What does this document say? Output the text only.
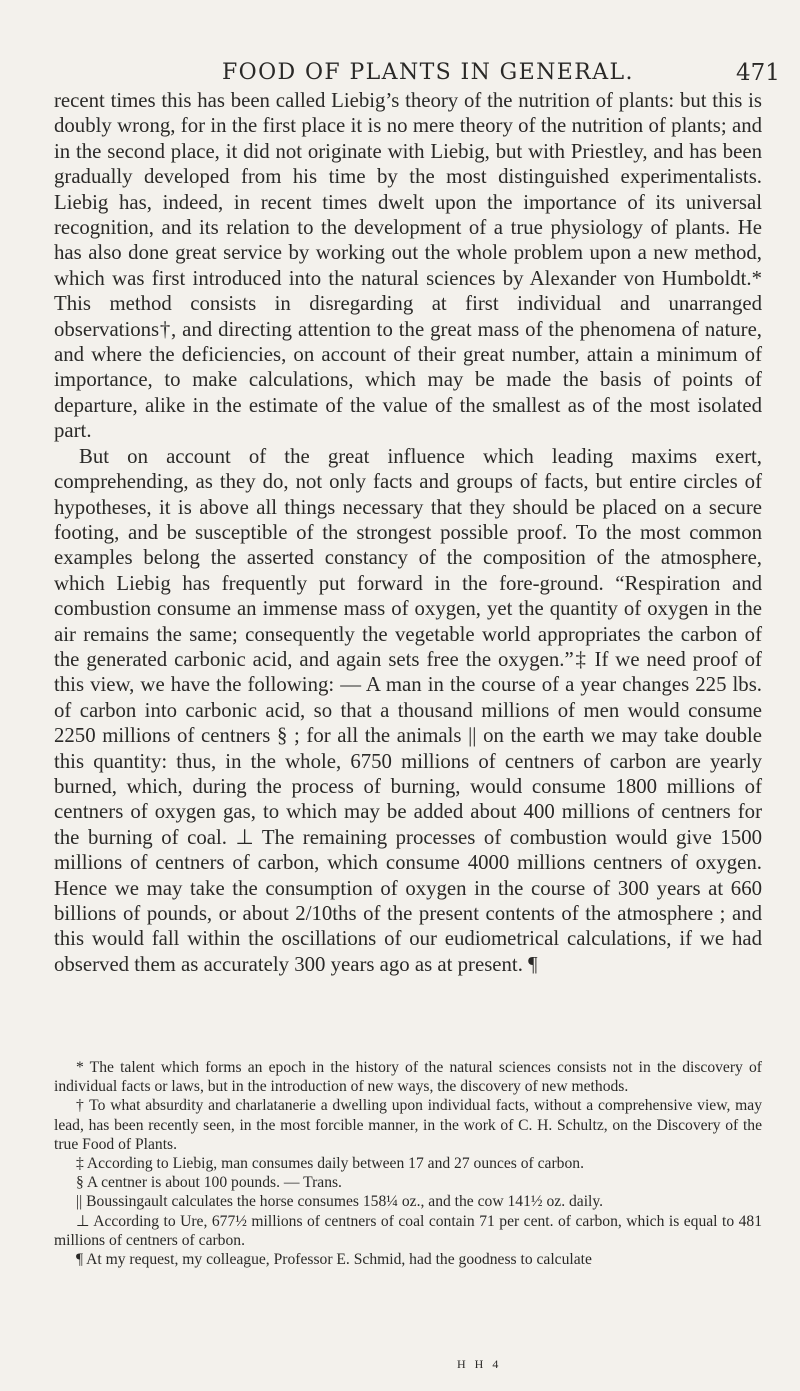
FOOD OF PLANTS IN GENERAL.	471

recent times this has been called Liebig’s theory of the nutrition of plants: but this is doubly wrong, for in the first place it is no mere theory of the nutrition of plants; and in the second place, it did not originate with Liebig, but with Priestley, and has been gradually developed from his time by the most distinguished experimentalists. Liebig has, indeed, in recent times dwelt upon the importance of its universal recognition, and its relation to the development of a true physiology of plants. He has also done great service by working out the whole problem upon a new method, which was first introduced into the natural sciences by Alexander von Humboldt.* This method consists in disregarding at first individual and unarranged observations†, and directing attention to the great mass of the phenomena of nature, and where the deficiencies, on account of their great number, attain a minimum of importance, to make calculations, which may be made the basis of points of departure, alike in the estimate of the value of the smallest as of the most isolated part.

But on account of the great influence which leading maxims exert, comprehending, as they do, not only facts and groups of facts, but entire circles of hypotheses, it is above all things necessary that they should be placed on a secure footing, and be susceptible of the strongest possible proof. To the most common examples belong the asserted constancy of the composition of the atmosphere, which Liebig has frequently put forward in the fore-ground. “Respiration and combustion consume an immense mass of oxygen, yet the quantity of oxygen in the air remains the same; consequently the vegetable world appropriates the carbon of the generated carbonic acid, and again sets free the oxygen.”‡ If we need proof of this view, we have the following: — A man in the course of a year changes 225 lbs. of carbon into carbonic acid, so that a thousand millions of men would consume 2250 millions of centners § ; for all the animals || on the earth we may take double this quantity: thus, in the whole, 6750 millions of centners of carbon are yearly burned, which, during the process of burning, would consume 1800 millions of centners of oxygen gas, to which may be added about 400 millions of centners for the burning of coal. ⊥ The remaining processes of combustion would give 1500 millions of centners of carbon, which consume 4000 millions centners of oxygen. Hence we may take the consumption of oxygen in the course of 300 years at 660 billions of pounds, or about 2/10ths of the present contents of the atmosphere ; and this would fall within the oscillations of our eudiometrical calculations, if we had observed them as accurately 300 years ago as at present. ¶

* The talent which forms an epoch in the history of the natural sciences consists not in the discovery of individual facts or laws, but in the introduction of new ways, the discovery of new methods.

† To what absurdity and charlatanerie a dwelling upon individual facts, without a comprehensive view, may lead, has been recently seen, in the most forcible manner, in the work of C. H. Schultz, on the Discovery of the true Food of Plants.

‡ According to Liebig, man consumes daily between 17 and 27 ounces of carbon.

§ A centner is about 100 pounds. — Trans.

|| Boussingault calculates the horse consumes 158¼ oz., and the cow 141½ oz. daily.

⊥ According to Ure, 677½ millions of centners of coal contain 71 per cent. of carbon, which is equal to 481 millions of centners of carbon.

¶ At my request, my colleague, Professor E. Schmid, had the goodness to calculate

H H 4
